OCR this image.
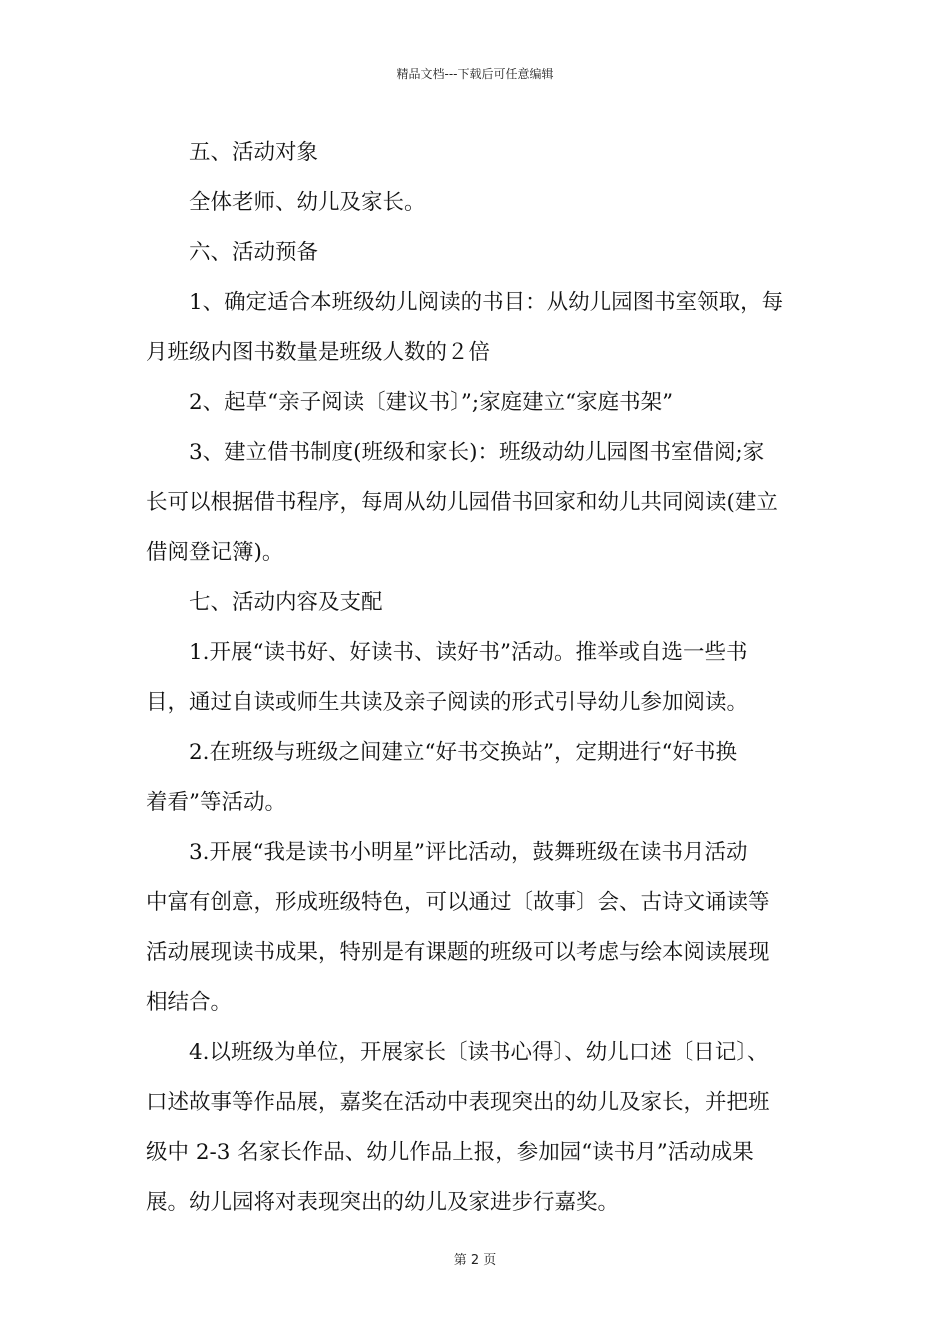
精品文档---下载后可任意编辑
五、活动对象
全体老师、幼儿及家长。
六、活动预备
1、确定适合本班级幼儿阅读的书目：从幼儿园图书室领取，每
月班级内图书数量是班级人数的２倍
2、起草“亲子阅读〔建议书〕”;家庭建立“家庭书架”
3、建立借书制度(班级和家长)：班级动幼儿园图书室借阅;家
长可以根据借书程序，每周从幼儿园借书回家和幼儿共同阅读(建立
借阅登记簿)。
七、活动内容及支配
1.开展“读书好、好读书、读好书”活动。推举或自选一些书
目，通过自读或师生共读及亲子阅读的形式引导幼儿参加阅读。
2.在班级与班级之间建立“好书交换站”，定期进行“好书换
着看”等活动。
3.开展“我是读书小明星”评比活动，鼓舞班级在读书月活动
中富有创意，形成班级特色，可以通过〔故事〕会、古诗文诵读等
活动展现读书成果，特别是有课题的班级可以考虑与绘本阅读展现
相结合。
4.以班级为单位，开展家长〔读书心得〕、幼儿口述〔日记〕、
口述故事等作品展，嘉奖在活动中表现突出的幼儿及家长，并把班
级中 2-3 名家长作品、幼儿作品上报，参加园“读书月”活动成果
展。幼儿园将对表现突出的幼儿及家进步行嘉奖。
第 2 页
